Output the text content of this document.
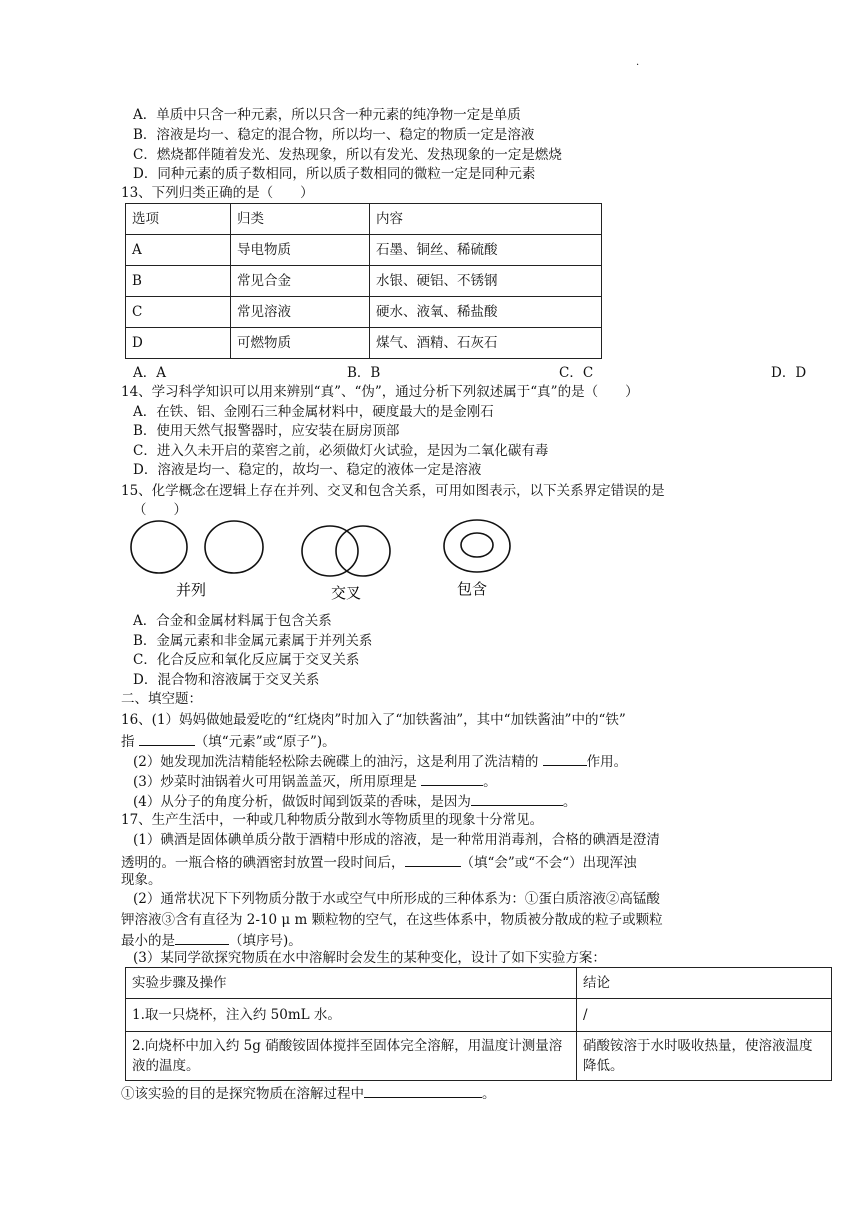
.
A．单质中只含一种元素，所以只含一种元素的纯净物一定是单质
B．溶液是均一、稳定的混合物，所以均一、稳定的物质一定是溶液
C．燃烧都伴随着发光、发热现象，所以有发光、发热现象的一定是燃烧
D．同种元素的质子数相同，所以质子数相同的微粒一定是同种元素
13、下列归类正确的是（　　）
选项	归类	内容
A	导电物质	石墨、铜丝、稀硫酸
B	常见合金	水银、硬铝、不锈钢
C	常见溶液	硬水、液氧、稀盐酸
D	可燃物质	煤气、酒精、石灰石
A．A	B．B	C．C	D．D
14、学习科学知识可以用来辨别“真”、“伪”，通过分析下列叙述属于“真”的是（　　）
A．在铁、铝、金刚石三种金属材料中，硬度最大的是金刚石
B．使用天然气报警器时，应安装在厨房顶部
C．进入久未开启的菜窖之前，必须做灯火试验，是因为二氧化碳有毒
D．溶液是均一、稳定的，故均一、稳定的液体一定是溶液
15、化学概念在逻辑上存在并列、交叉和包含关系，可用如图表示，以下关系界定错误的是
（　　）
并列	交叉	包含
A．合金和金属材料属于包含关系
B．金属元素和非金属元素属于并列关系
C．化合反应和氧化反应属于交叉关系
D．混合物和溶液属于交叉关系
二、填空题：
16、(1）妈妈做她最爱吃的“红烧肉”时加入了“加铁酱油”，其中“加铁酱油”中的“铁”
指	（填“元素”或“原子”)。
(2）她发现加洗洁精能轻松除去碗碟上的油污，这是利用了洗洁精的	作用。
(3）炒菜时油锅着火可用锅盖盖灭，所用原理是	。
(4）从分子的角度分析，做饭时闻到饭菜的香味，是因为	。
17、生产生活中，一种或几种物质分散到水等物质里的现象十分常见。
(1）碘酒是固体碘单质分散于酒精中形成的溶液，是一种常用消毒剂，合格的碘酒是澄清
透明的。一瓶合格的碘酒密封放置一段时间后，	（填“会”或“不会“）出现浑浊
现象。
(2）通常状况下下列物质分散于水或空气中所形成的三种体系为：①蛋白质溶液②高锰酸
钾溶液③含有直径为 2-10 μ m 颗粒物的空气，在这些体系中，物质被分散成的粒子或颗粒
最小的是	（填序号)。
(3）某同学欲探究物质在水中溶解时会发生的某种变化，设计了如下实验方案：
实验步骤及操作	结论
1.取一只烧杯，注入约 50mL 水。	/
2.向烧杯中加入约 5g 硝酸铵固体搅拌至固体完全溶解，用温度计测量溶液的温度。	硝酸铵溶于水时吸收热量，使溶液温度降低。
①该实验的目的是探究物质在溶解过程中	。
